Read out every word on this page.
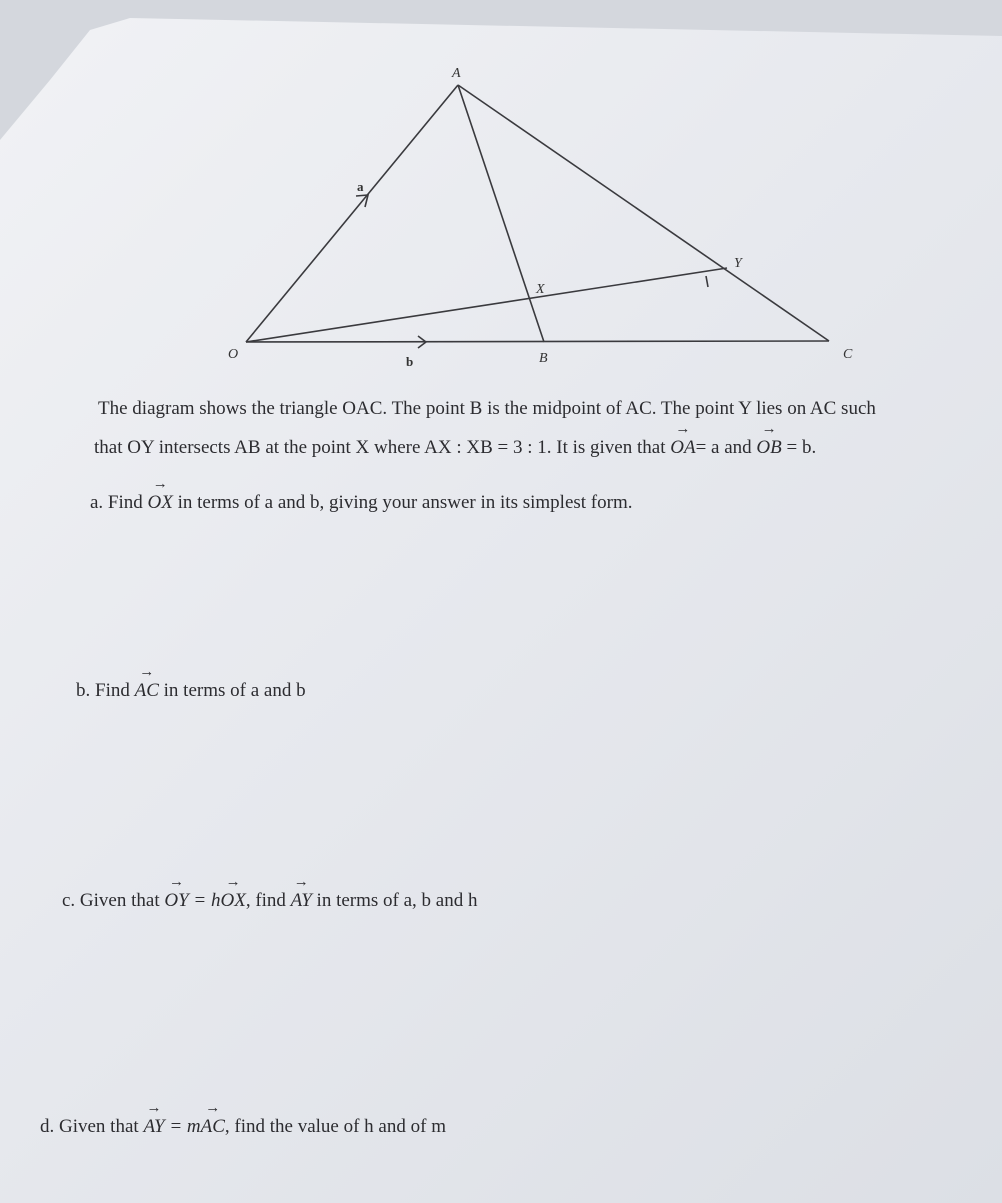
A
O	B	C
X
Y
a
b
The diagram shows the triangle OAC. The point B is the midpoint of AC. The point Y lies on AC such
that OY intersects AB at the point X where AX : XB = 3 : 1. It is given that → OA= a and → OB = b.
a. Find → OX in terms of a and b, giving your answer in its simplest form.
b. Find → AC in terms of a and b
c. Given that → OY = h→ OX, find → AY in terms of a, b and h
d. Given that → AY = m→ AC, find the value of h and of m
